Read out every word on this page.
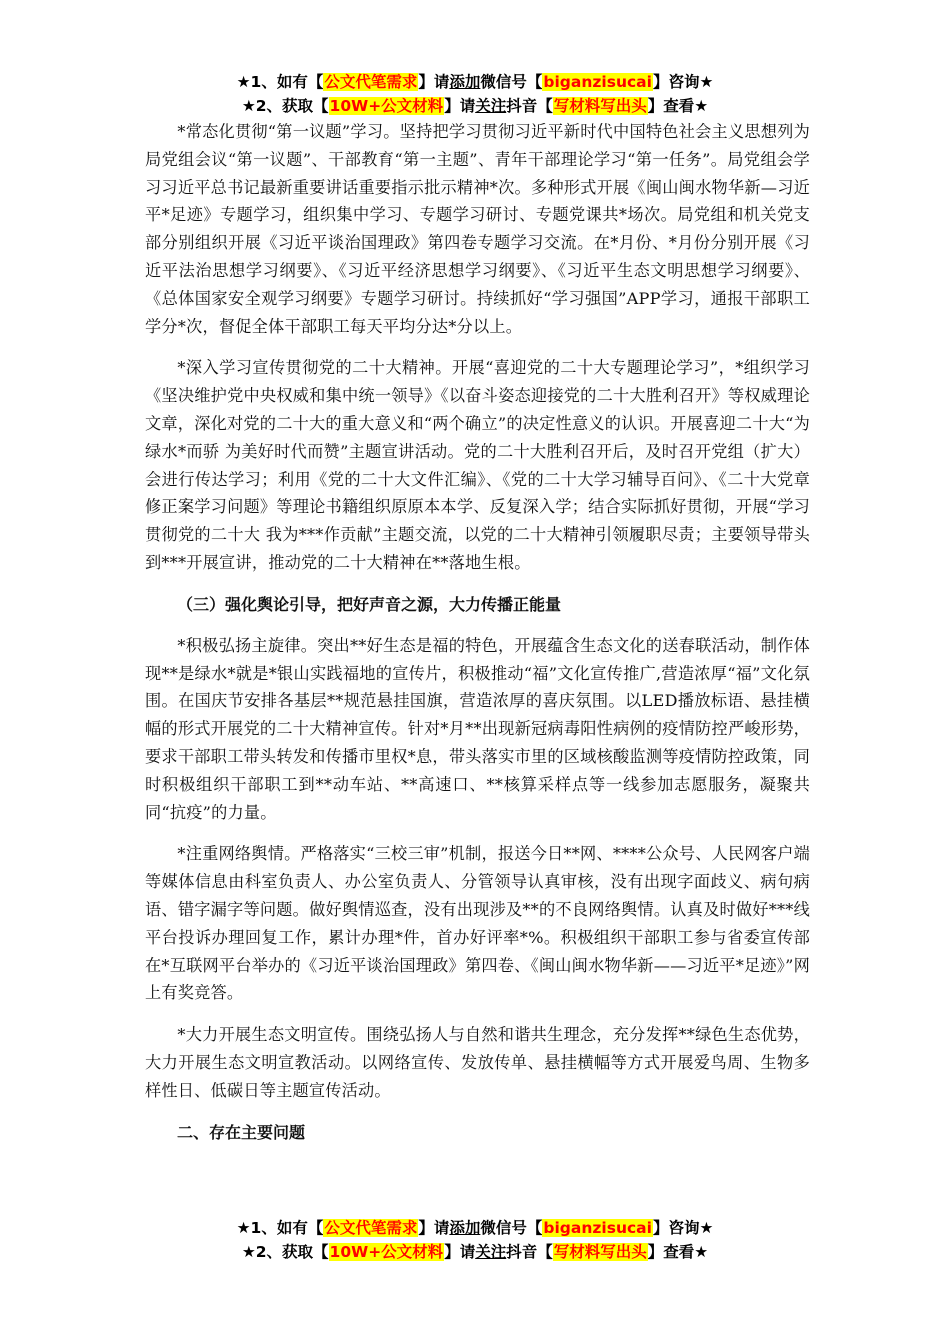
★1、如有【公文代笔需求】请添加微信号【biganzisucai】咨询★
★2、获取【10W+公文材料】请关注抖音【写材料写出头】查看★

*常态化贯彻“第一议题”学习。坚持把学习贯彻习近平新时代中国特色社会主义思想列为局党组会议“第一议题”、干部教育“第一主题”、青年干部理论学习“第一任务”。局党组会学习习近平总书记最新重要讲话重要指示批示精神*次。多种形式开展《闽山闽水物华新—习近平*足迹》专题学习，组织集中学习、专题学习研讨、专题党课共*场次。局党组和机关党支部分别组织开展《习近平谈治国理政》第四卷专题学习交流。在*月份、*月份分别开展《习近平法治思想学习纲要》、《习近平经济思想学习纲要》、《习近平生态文明思想学习纲要》、《总体国家安全观学习纲要》专题学习研讨。持续抓好“学习强国”APP学习，通报干部职工学分*次，督促全体干部职工每天平均分达*分以上。

*深入学习宣传贯彻党的二十大精神。开展“喜迎党的二十大专题理论学习”，*组织学习《坚决维护党中央权威和集中统一领导》《以奋斗姿态迎接党的二十大胜利召开》等权威理论文章，深化对党的二十大的重大意义和“两个确立”的决定性意义的认识。开展喜迎二十大“为绿水*而骄 为美好时代而赞”主题宣讲活动。党的二十大胜利召开后，及时召开党组（扩大）会进行传达学习；利用《党的二十大文件汇编》、《党的二十大学习辅导百问》、《二十大党章修正案学习问题》等理论书籍组织原原本本学、反复深入学；结合实际抓好贯彻，开展“学习贯彻党的二十大 我为***作贡献”主题交流，以党的二十大精神引领履职尽责；主要领导带头到***开展宣讲，推动党的二十大精神在**落地生根。

（三）强化舆论引导，把好声音之源，大力传播正能量

*积极弘扬主旋律。突出**好生态是福的特色，开展蕴含生态文化的送春联活动，制作体现**是绿水*就是*银山实践福地的宣传片，积极推动“福”文化宣传推广,营造浓厚“福”文化氛围。在国庆节安排各基层**规范悬挂国旗，营造浓厚的喜庆氛围。以LED播放标语、悬挂横幅的形式开展党的二十大精神宣传。针对*月**出现新冠病毒阳性病例的疫情防控严峻形势，要求干部职工带头转发和传播市里权*息，带头落实市里的区域核酸监测等疫情防控政策，同时积极组织干部职工到**动车站、**高速口、**核算采样点等一线参加志愿服务，凝聚共同“抗疫”的力量。

*注重网络舆情。严格落实“三校三审”机制，报送今日**网、****公众号、人民网客户端等媒体信息由科室负责人、办公室负责人、分管领导认真审核，没有出现字面歧义、病句病语、错字漏字等问题。做好舆情巡查，没有出现涉及**的不良网络舆情。认真及时做好***线平台投诉办理回复工作，累计办理*件，首办好评率*%。积极组织干部职工参与省委宣传部在*互联网平台举办的《习近平谈治国理政》第四卷、《闽山闽水物华新——习近平*足迹》”网上有奖竞答。

*大力开展生态文明宣传。围绕弘扬人与自然和谐共生理念，充分发挥**绿色生态优势，大力开展生态文明宣教活动。以网络宣传、发放传单、悬挂横幅等方式开展爱鸟周、生物多样性日、低碳日等主题宣传活动。

二、存在主要问题

★1、如有【公文代笔需求】请添加微信号【biganzisucai】咨询★
★2、获取【10W+公文材料】请关注抖音【写材料写出头】查看★
